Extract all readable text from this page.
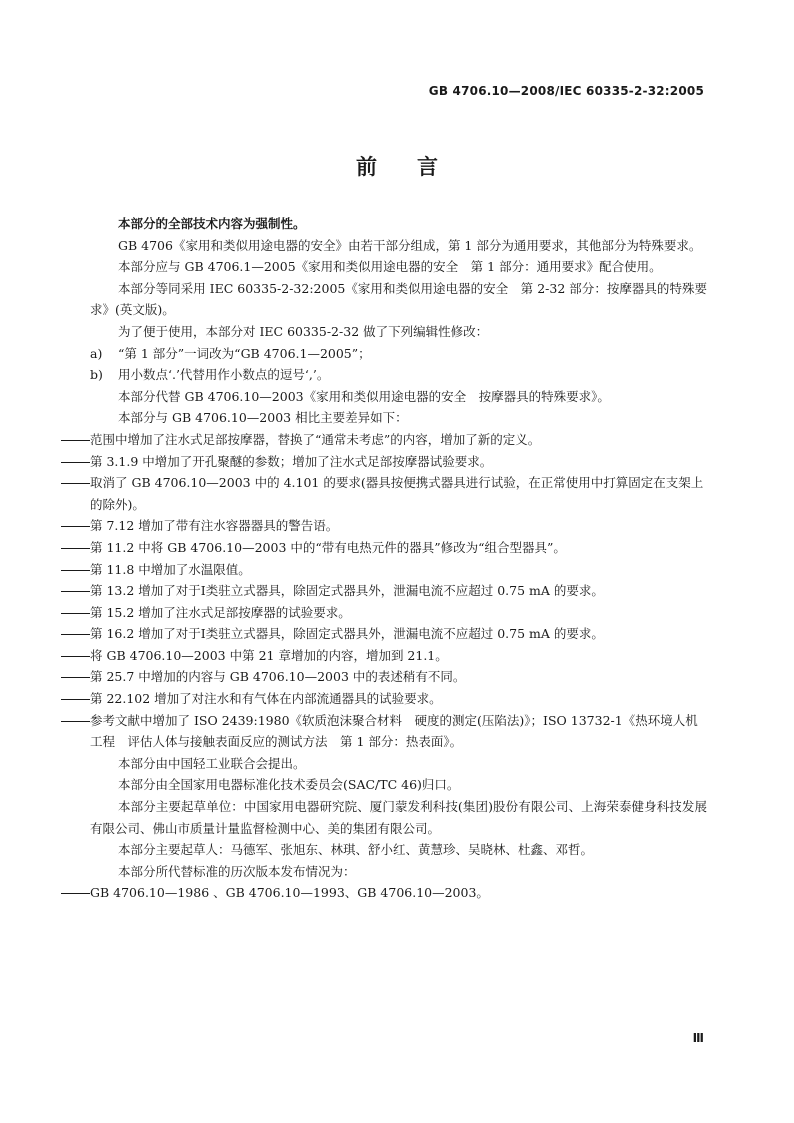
GB 4706.10—2008/IEC 60335-2-32:2005
前言

本部分的全部技术内容为强制性。

GB 4706《家用和类似用途电器的安全》由若干部分组成，第 1 部分为通用要求，其他部分为特殊要求。

本部分应与 GB 4706.1—2005《家用和类似用途电器的安全　第 1 部分：通用要求》配合使用。

本部分等同采用 IEC 60335-2-32:2005《家用和类似用途电器的安全　第 2-32 部分：按摩器具的特殊要求》(英文版)。

为了便于使用，本部分对 IEC 60335-2-32 做了下列编辑性修改：

a) “第 1 部分”一词改为“GB 4706.1—2005”；

b) 用小数点‘.’代替用作小数点的逗号‘,’。

本部分代替 GB 4706.10—2003《家用和类似用途电器的安全　按摩器具的特殊要求》。

本部分与 GB 4706.10—2003 相比主要差异如下：

范围中增加了注水式足部按摩器，替换了“通常未考虑”的内容，增加了新的定义。

第 3.1.9 中增加了开孔聚醚的参数；增加了注水式足部按摩器试验要求。

取消了 GB 4706.10—2003 中的 4.101 的要求(器具按便携式器具进行试验，在正常使用中打算固定在支架上的除外)。

第 7.12 增加了带有注水容器器具的警告语。

第 11.2 中将 GB 4706.10—2003 中的“带有电热元件的器具”修改为“组合型器具”。

第 11.8 中增加了水温限值。

第 13.2 增加了对于Ⅰ类驻立式器具，除固定式器具外，泄漏电流不应超过 0.75 mA 的要求。

第 15.2 增加了注水式足部按摩器的试验要求。

第 16.2 增加了对于Ⅰ类驻立式器具，除固定式器具外，泄漏电流不应超过 0.75 mA 的要求。

将 GB 4706.10—2003 中第 21 章增加的内容，增加到 21.1。

第 25.7 中增加的内容与 GB 4706.10—2003 中的表述稍有不同。

第 22.102 增加了对注水和有气体在内部流通器具的试验要求。

参考文献中增加了 ISO 2439:1980《软质泡沫聚合材料　硬度的测定(压陷法)》；ISO 13732-1《热环境人机工程　评估人体与接触表面反应的测试方法　第 1 部分：热表面》。

本部分由中国轻工业联合会提出。

本部分由全国家用电器标准化技术委员会(SAC/TC 46)归口。

本部分主要起草单位：中国家用电器研究院、厦门蒙发利科技(集团)股份有限公司、上海荣泰健身科技发展有限公司、佛山市质量计量监督检测中心、美的集团有限公司。

本部分主要起草人：马德军、张旭东、林琪、舒小红、黄慧珍、吴晓林、杜鑫、邓哲。

本部分所代替标准的历次版本发布情况为：

GB 4706.10—1986 、GB 4706.10—1993、GB 4706.10—2003。

Ⅲ
